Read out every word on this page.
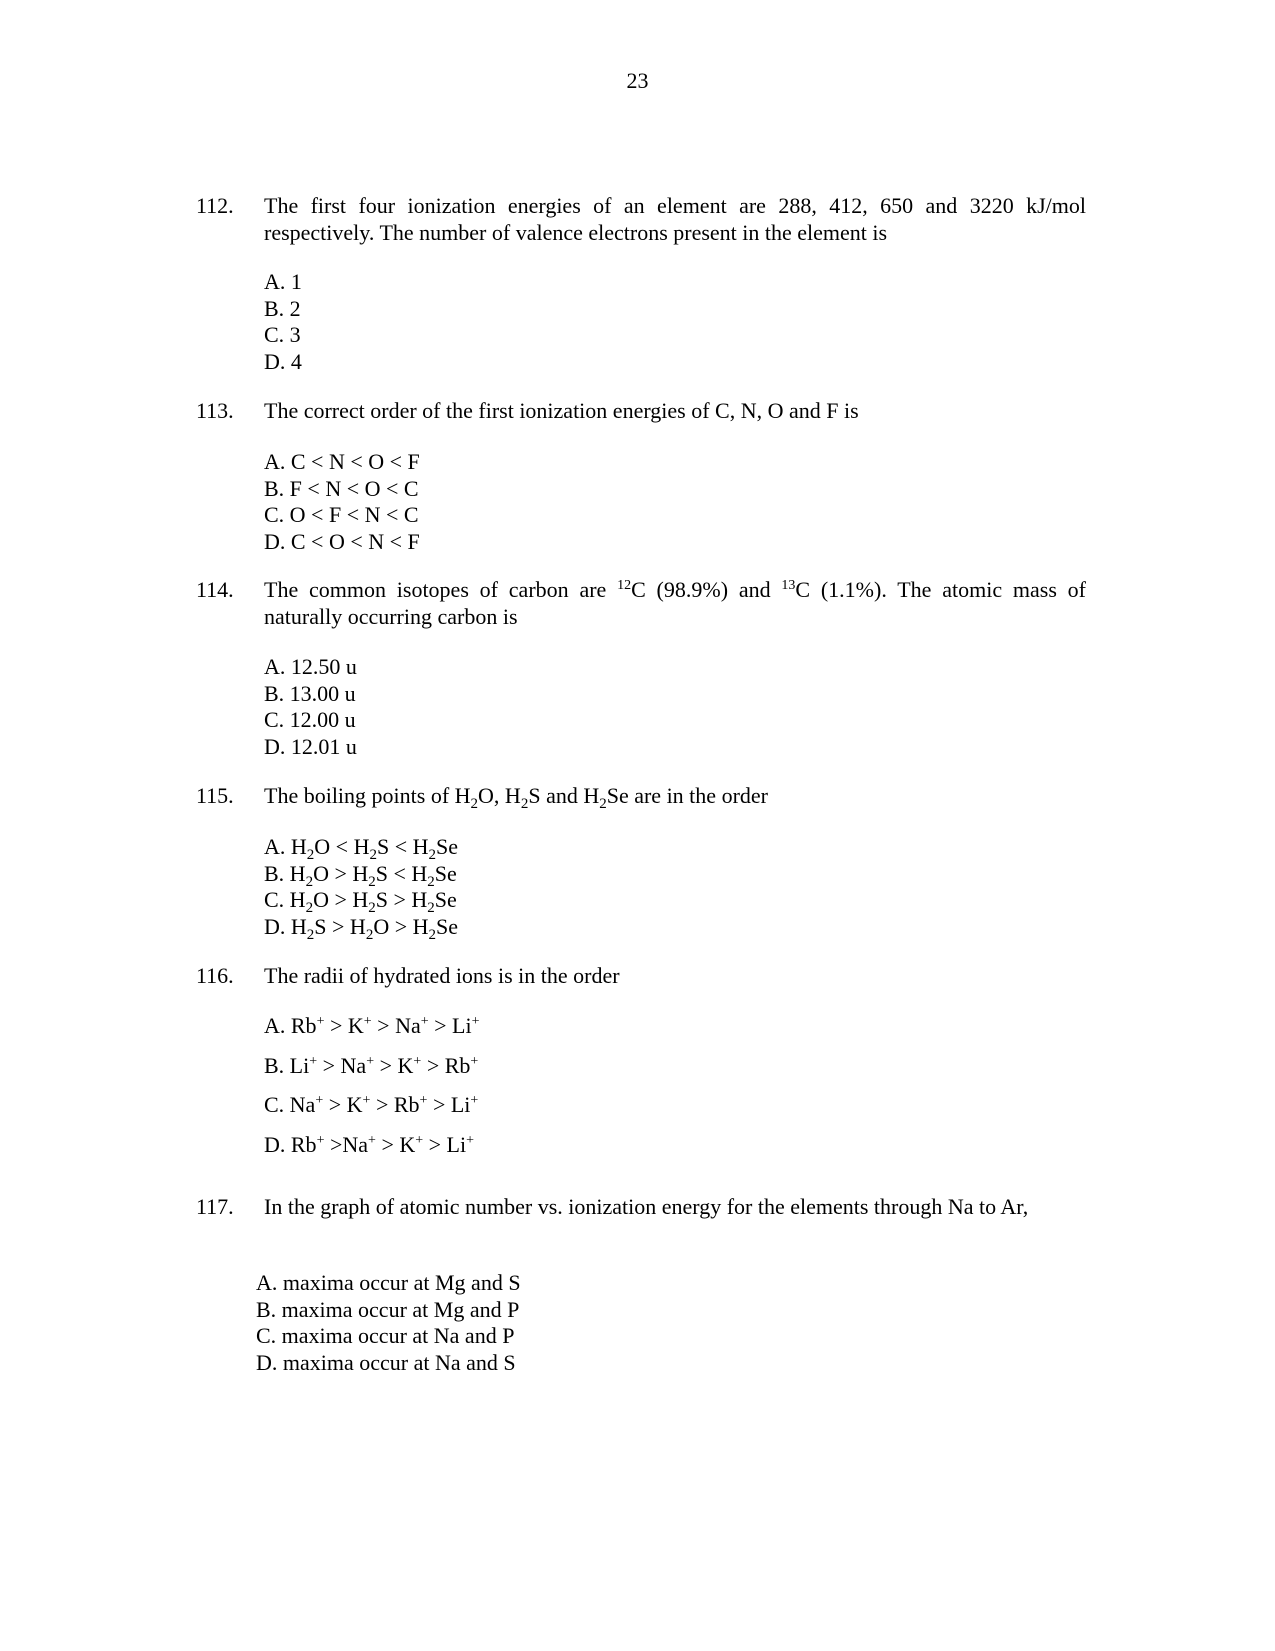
23
112. The first four ionization energies of an element are 288, 412, 650 and 3220 kJ/mol respectively. The number of valence electrons present in the element is
A. 1
B. 2
C. 3
D. 4
113. The correct order of the first ionization energies of C, N, O and F is
A. C < N < O < F
B. F < N < O < C
C. O < F < N < C
D. C < O < N < F
114. The common isotopes of carbon are $^{12}$C (98.9%) and $^{13}$C (1.1%). The atomic mass of naturally occurring carbon is
A. 12.50 u
B. 13.00 u
C. 12.00 u
D. 12.01 u
115. The boiling points of $H_2O$, $H_2S$ and $H_2Se$ are in the order
A. $H_2O < H_2S < H_2Se$
B. $H_2O > H_2S < H_2Se$
C. $H_2O > H_2S > H_2Se$
D. $H_2S > H_2O > H_2Se$
116. The radii of hydrated ions is in the order
A. Rb+ > K+ > Na+ > Li+
B. Li+ > Na+ > K+ > Rb+
C. Na+ > K+ > Rb+ > Li+
D. Rb+ >Na+ > K+ > Li+
117. In the graph of atomic number vs. ionization energy for the elements through Na to Ar,
A. maxima occur at Mg and S
B. maxima occur at Mg and P
C. maxima occur at Na and P
D. maxima occur at Na and S
